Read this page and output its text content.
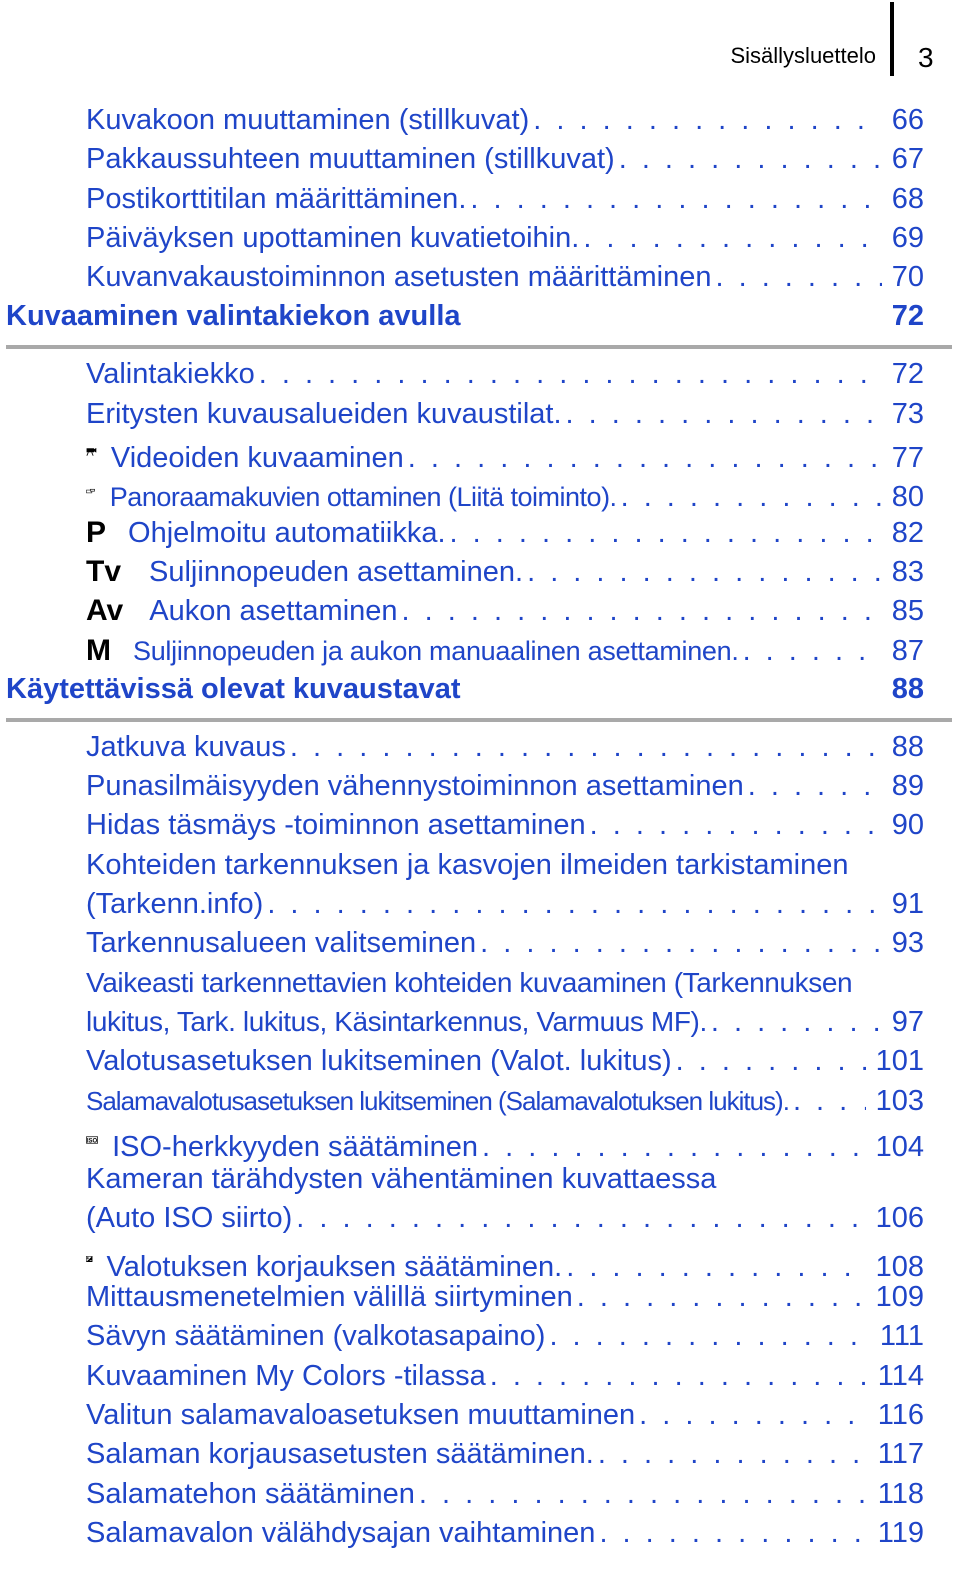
Sisällysluettelo 3
Kuvakoon muuttaminen (stillkuvat) . . .	66
Pakkaussuhteen muuttaminen (stillkuvat) . . .	67
Postikorttitilan määrittäminen. . . .	68
Päiväyksen upottaminen kuvatietoihin. . . .	69
Kuvanvakaustoiminnon asetusten määrittäminen . . .	70
Kuvaaminen valintakiekon avulla	72
Valintakiekko . . .	72
Eritysten kuvausalueiden kuvaustilat. . . .	73
Videoiden kuvaaminen . . .	77
Panoraamakuvien ottaminen (Liitä toiminto). . . .	80
P Ohjelmoitu automatiikka. . . .	82
Tv Suljinnopeuden asettaminen. . . .	83
Av Aukon asettaminen . . .	85
M Suljinnopeuden ja aukon manuaalinen asettaminen. . . .	87
Käytettävissä olevat kuvaustavat	88
Jatkuva kuvaus . . .	88
Punasilmäisyyden vähennystoiminnon asettaminen . . .	89
Hidas täsmäys -toiminnon asettaminen . . .	90
Kohteiden tarkennuksen ja kasvojen ilmeiden tarkistaminen
(Tarkenn.info) . . .	91
Tarkennusalueen valitseminen . . .	93
Vaikeasti tarkennettavien kohteiden kuvaaminen (Tarkennuksen
lukitus, Tark. lukitus, Käsintarkennus, Varmuus MF). . . .	97
Valotusasetuksen lukitseminen (Valot. lukitus) . . .	101
Salamavalotusasetuksen lukitseminen (Salamavalotuksen lukitus). . . .	103
ISO ISO-herkkyyden säätäminen . . .	104
Kameran tärähdysten vähentäminen kuvattaessa
(Auto ISO siirto) . . .	106
Valotuksen korjauksen säätäminen. . . .	108
Mittausmenetelmien välillä siirtyminen . . .	109
Sävyn säätäminen (valkotasapaino) . . .	111
Kuvaaminen My Colors -tilassa . . .	114
Valitun salamavaloasetuksen muuttaminen . . .	116
Salaman korjausasetusten säätäminen. . . .	117
Salamatehon säätäminen . . .	118
Salamavalon välähdysajan vaihtaminen . . .	119
